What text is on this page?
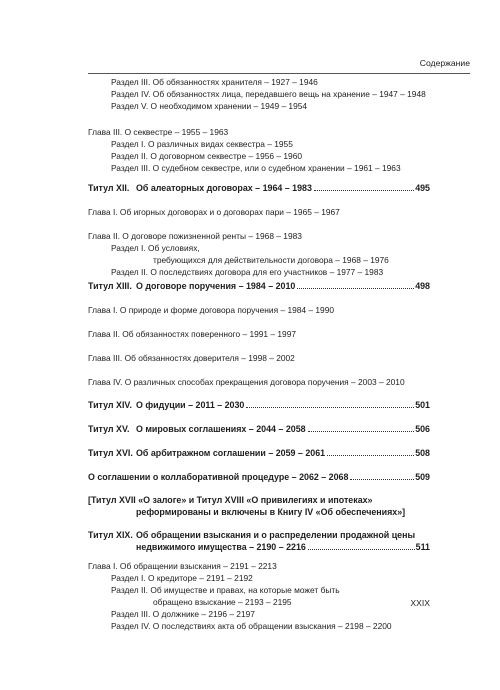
Содержание
Раздел III. Об обязанностях хранителя – 1927 – 1946
Раздел IV. Об обязанностях лица, передавшего вещь на хранение – 1947 – 1948
Раздел V. О необходимом хранении – 1949 – 1954
Глава III. О секвестре – 1955 – 1963
Раздел I. О различных видах секвестра – 1955
Раздел II. О договорном секвестре – 1956 – 1960
Раздел III. О судебном секвестре, или о судебном хранении – 1961 – 1963
Титул XII. Об алеаторных договорах – 1964 – 1983	495
Глава I. Об игорных договорах и о договорах пари – 1965 – 1967
Глава II. О договоре пожизненной ренты – 1968 – 1983
Раздел I. Об условиях,
требующихся для действительности договора – 1968 – 1976
Раздел II. О последствиях договора для его участников – 1977 – 1983
Титул XIII. О договоре поручения – 1984 – 2010	498
Глава I. О природе и форме договора поручения – 1984 – 1990
Глава II. Об обязанностях поверенного – 1991 – 1997
Глава III. Об обязанностях доверителя – 1998 – 2002
Глава IV. О различных способах прекращения договора поручения – 2003 – 2010
Титул XIV. О фидуции – 2011 – 2030	501
Титул XV. О мировых соглашениях – 2044 – 2058	506
Титул XVI. Об арбитражном соглашении – 2059 – 2061	508
О соглашении о коллаборативной процедуре – 2062 – 2068	509
[Титул XVII «О залоге» и Титул XVIII «О привилегиях и ипотеках»
реформированы и включены в Книгу IV «Об обеспечениях»]
Титул XIX. Об обращении взыскания и о распределении продажной цены
недвижимого имущества – 2190 – 2216	511
Глава I. Об обращении взыскания – 2191 – 2213
Раздел I. О кредиторе – 2191 – 2192
Раздел II. Об имуществе и правах, на которые может быть
обращено взыскание – 2193 – 2195
Раздел III. О должнике – 2196 – 2197
Раздел IV. О последствиях акта об обращении взыскания – 2198 – 2200
XXIX
